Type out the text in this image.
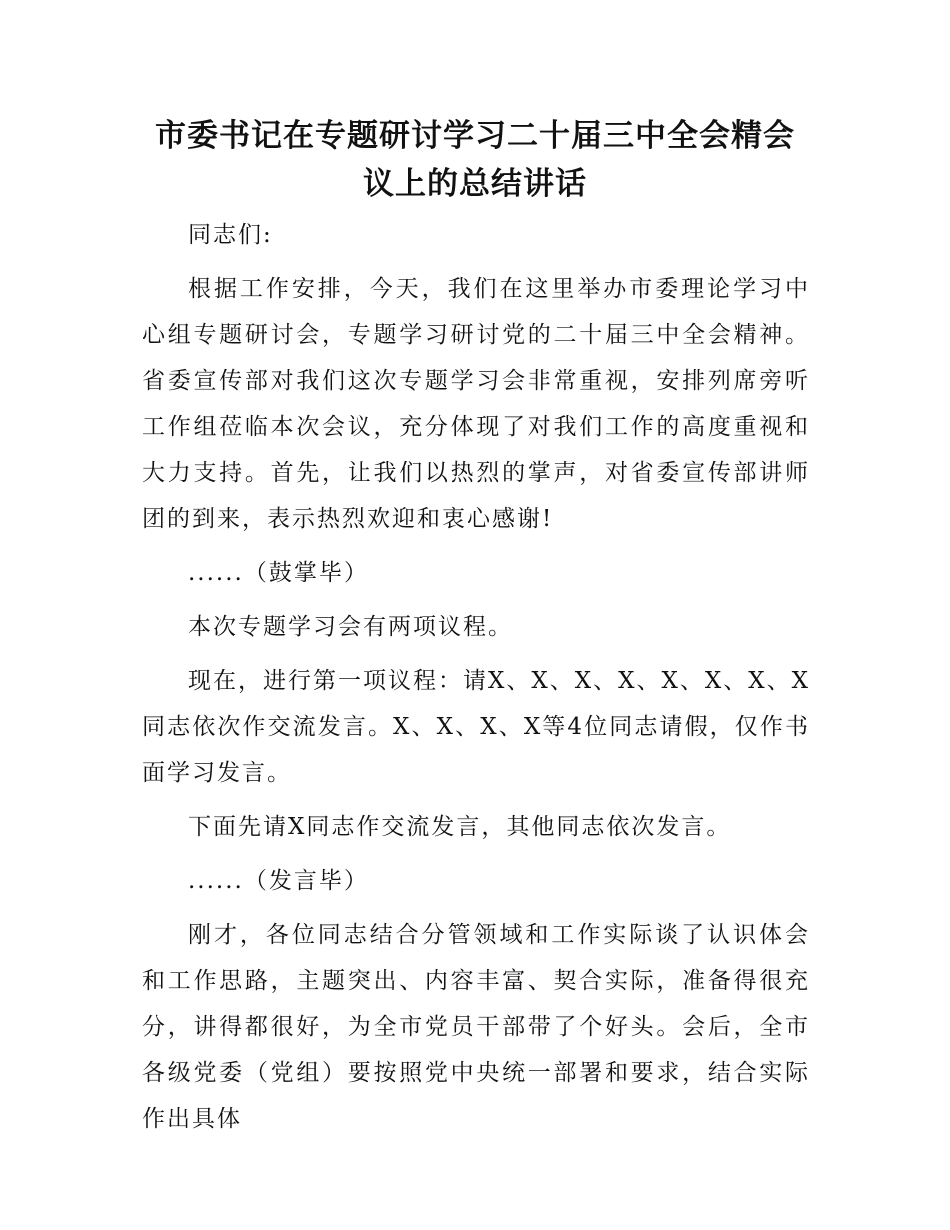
市委书记在专题研讨学习二十届三中全会精会
议上的总结讲话

同志们:

根据工作安排，今天，我们在这里举办市委理论学习中心组专题研讨会，专题学习研讨党的二十届三中全会精神。省委宣传部对我们这次专题学习会非常重视，安排列席旁听工作组莅临本次会议，充分体现了对我们工作的高度重视和大力支持。首先，让我们以热烈的掌声，对省委宣传部讲师团的到来，表示热烈欢迎和衷心感谢!

......（鼓掌毕）

本次专题学习会有两项议程。

现在，进行第一项议程：请X、X、X、X、X、X、X、X同志依次作交流发言。X、X、X、X等4位同志请假，仅作书面学习发言。

下面先请X同志作交流发言，其他同志依次发言。

......（发言毕）

刚才，各位同志结合分管领域和工作实际谈了认识体会和工作思路，主题突出、内容丰富、契合实际，准备得很充分，讲得都很好，为全市党员干部带了个好头。会后，全市各级党委（党组）要按照党中央统一部署和要求，结合实际作出具体
